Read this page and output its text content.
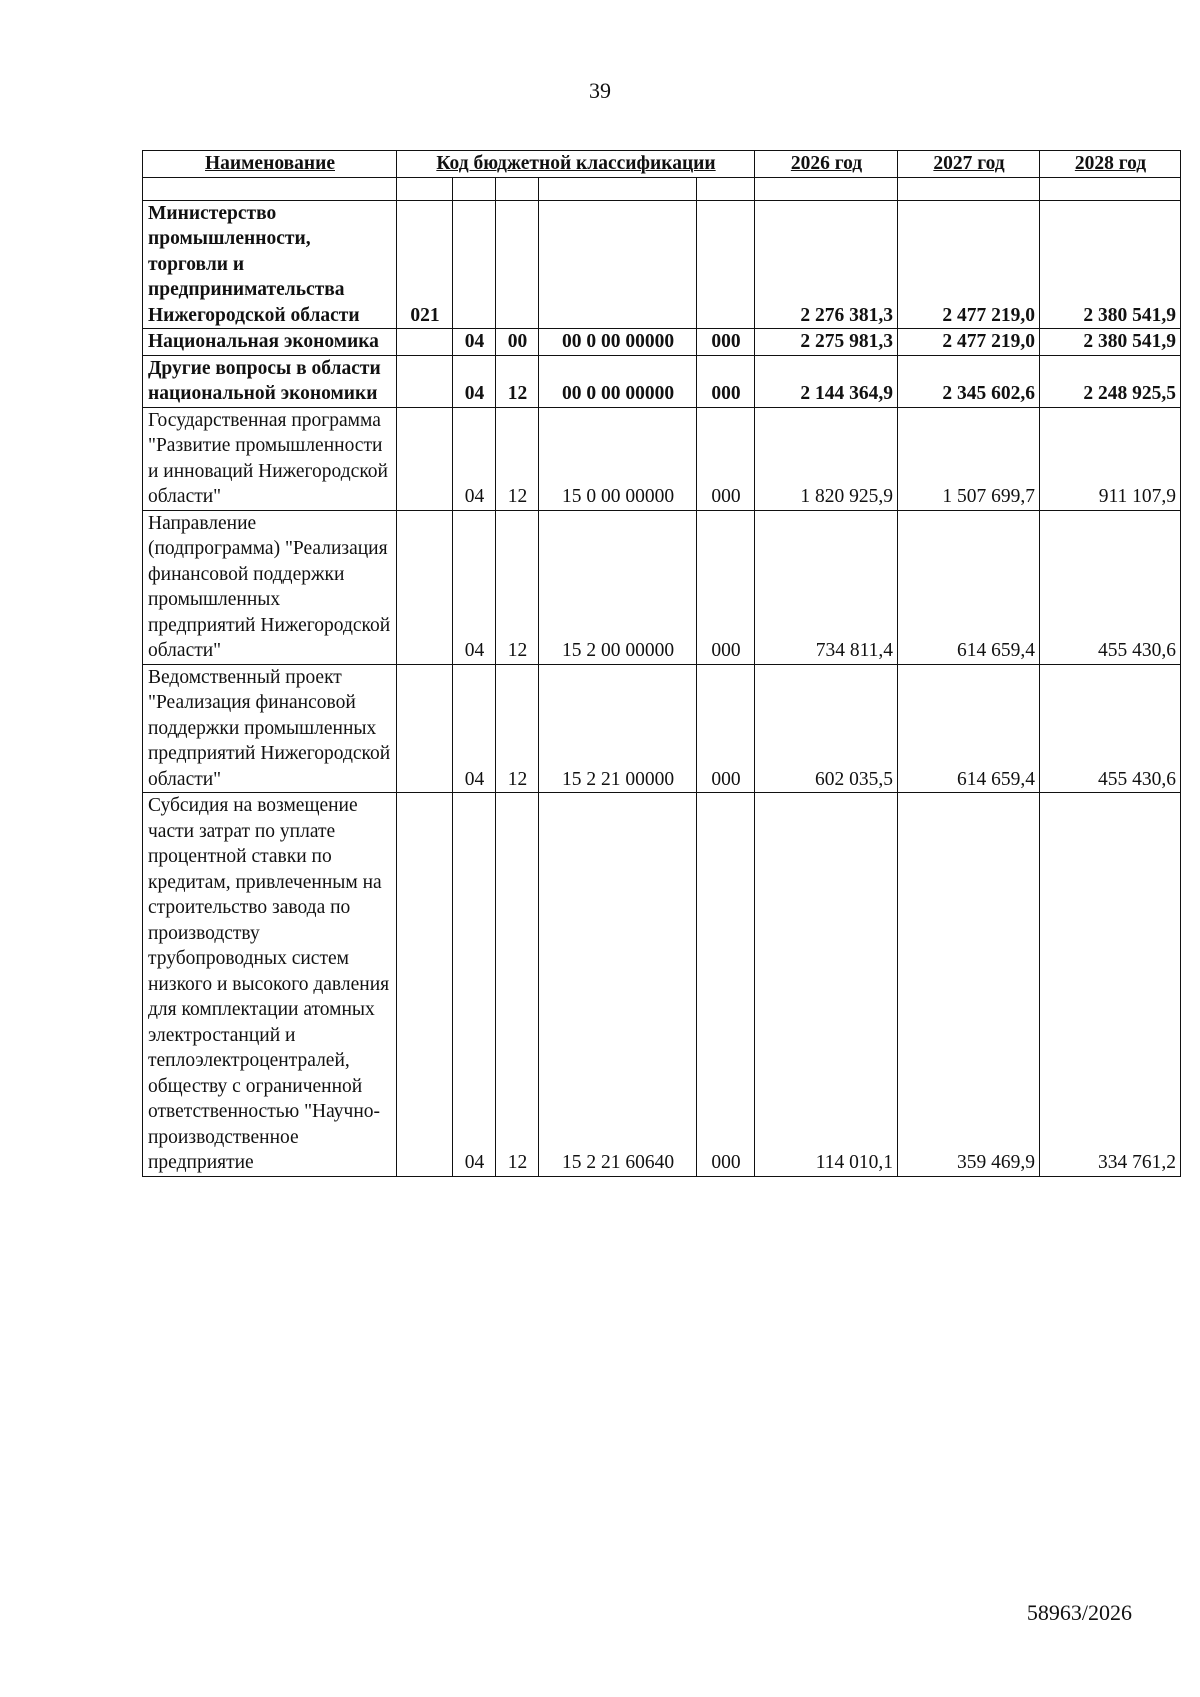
39
Наименование	Код бюджетной классификации					2026 год	2027 год	2028 год

Министерство промышленности, торговли и предпринимательства Нижегородской области	021					2 276 381,3	2 477 219,0	2 380 541,9
Национальная экономика		04	00	00 0 00 00000	000	2 275 981,3	2 477 219,0	2 380 541,9
Другие вопросы в области национальной экономики		04	12	00 0 00 00000	000	2 144 364,9	2 345 602,6	2 248 925,5
Государственная программа "Развитие промышленности и инноваций Нижегородской области"		04	12	15 0 00 00000	000	1 820 925,9	1 507 699,7	911 107,9
Направление (подпрограмма) "Реализация финансовой поддержки промышленных предприятий Нижегородской области"		04	12	15 2 00 00000	000	734 811,4	614 659,4	455 430,6
Ведомственный проект "Реализация финансовой поддержки промышленных предприятий Нижегородской области"		04	12	15 2 21 00000	000	602 035,5	614 659,4	455 430,6
Субсидия на возмещение части затрат по уплате процентной ставки по кредитам, привлеченным на строительство завода по производству трубопроводных систем низкого и высокого давления для комплектации атомных электростанций и теплоэлектроцентралей, обществу с ограниченной ответственностью "Научно-производственное предприятие		04	12	15 2 21 60640	000	114 010,1	359 469,9	334 761,2
58963/2026
